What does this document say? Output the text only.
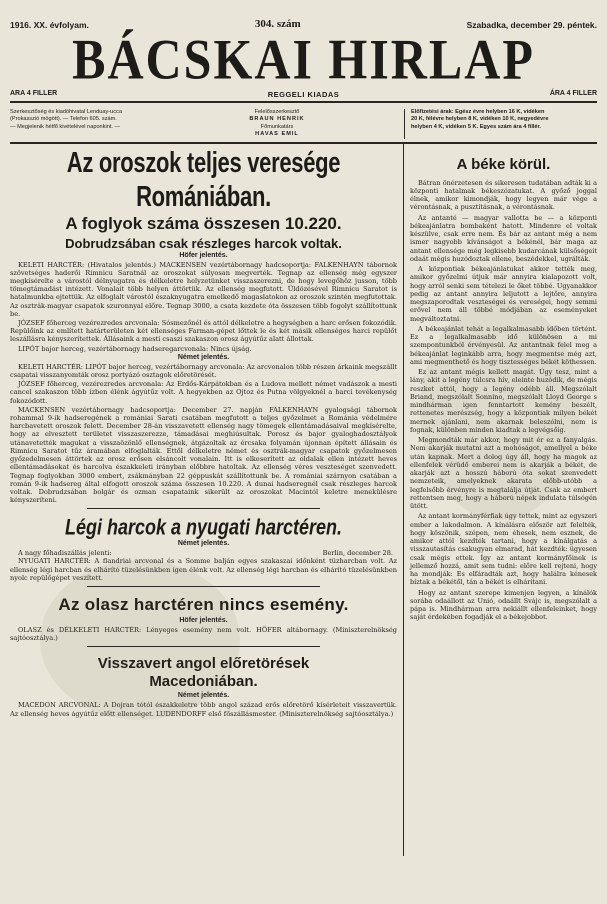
1916. XX. évfolyam.	304. szám	Szabadka, december 29. péntek.
BÁCSKAI HIRLAP
ARA 4 FILLER	REGGELI KIADAS	ÁRA 4 FILLER
Szerkesztőség és kiadóhivatal Lenduay-ucca
(Prokasszió mögött). — Telefon 605. szám.
— Megjelenik hétfő kivételével naponkint. —
Felelősszerkesztő
BRAUN HENRIK
Főmunkatárs
HAVAS EMIL
Előfizetési árak: Egész évre helyben 16 K, vidéken
20 K, félévre helyben 8 K, vidéken 10 K, negyedévre
helyben 4 K, vidéken 5 K. Egyes szám ára 4 fillér.
Az oroszok teljes veresége Romániában.
A foglyok száma összesen 10.220.
Dobrudzsában csak részleges harcok voltak.
Höfer jelentés.

KELETI HARCTÉR: (Hivatalos jelentés.) MACKENSEN vezértábornagy hadcsoportja: FALKENHAYN tábornok szövetséges haderői Rimnicu Saratnál az oroszokat súlyosan megverték. Tegnap az ellenség még egyszer megkísérelte a várostól délnyugatra és délkeletre helyzetünket visszaszerezni, de hogy levegőhöz jusson, több tömegtámadást intézett. Vonalait több helyen áttörtük. Az ellenség megfutott. Üldözésével Rimnicu Saratot is hatalmunkba ejtettük. Az elfoglalt várostól északnyugatra emelkedő magaslatokon az oroszok szintén megfutottak. Az osztrák-magyar csapatok szuronnyal előre. Tegnap 3000, a csata kezdete óta összesen több fogolyt szállítottunk be.

JÓZSEF főherceg vezérezredes arcvonala: Sósmezőnél és attól délkeletre a hegységben a harc erősen fokozódik. Repülőink az említett határterületen két ellenséges Farman-gépet lőttek le és két másik ellenséges harci repülőt leszállásra kényszerítettek. Állásaink a mesti csaszi szakaszon orosz ágyútűz alatt állottak.

LIPÓT bajor herceg, vezértábornagy hadseregarcvonala: Nincs újság.

Német jelentés.

KELETI HARCTÉR: LIPÓT bajor herceg, vezértábornagy arcvonala: Az arcvonalon több részen árkaink megszállt csapatai visszanyomták orosz portyázó osztagok előretörését.

JÓZSEF főherceg, vezérezredes arcvonala: Az Erdős-Kárpátokban és a Ludova mellett német vadászok a mesti cancel szakaszon több ízben élénk ágyútűz volt. A hegyekben az Ojtoz és Putna völgyeknél a harci tevékenység fokozódott.

MACKENSEN vezértábornagy hadcsoportja: December 27. napján FALKENHAYN gyalogsági tábornok rohammal 9-ik hadseregének a romániai Sarati csatában megfutott a teljes győzelmet a Románia védelmére harcbavetett oroszok felett. December 28-án visszavetett ellenség nagy tömegek ellentámadásaival megkísérelte, hogy az elvesztett területet visszaszerezze, támadásai meghiúsultak. Porosz és bajor gyaloghadosztályok utánavetették magukat a visszaözönlő ellenségnek, átgázoltak az ércsaka folyamán újonnan épített állásain és Rimnicu Saratot tűz áramában elfoglalták. Ettől délkeletre német és osztrák-magyar csapatok győzelmesen győzedelmesen áttörtek az orosz erősen elsáncolt vonalain. Itt is elkeserített az oldalak ellen intézett heves ellentámadásokat és harcolva északkeleti irányban előbbre hatoltak. Az ellenség véres veszteséget szenvedett. Tegnap foglyokban 3000 embert, zsákmányban 22 géppuskát szállítottunk be. A romániai szárnyon csatában a román 9-ik hadsereg által elfogott oroszok száma összesen 10.220. A dunai hadseregnél csak részleges harcok voltak. Dobrudzsában bolgár és ozman csapataink sikerült az oroszokat Macintól keletre menekülésre kényszeríteni.

Légi harcok a nyugati harctéren.
Német jelentés.
A nagy főhadiszállás jelenti:	Berlin, december 28.

NYUGATI HARCTÉR: A flandriai arcvonal és a Somme balján egyes szakaszai időnként tüzharcban volt. Az ellenség légi harcban és elhárító tüzelésünkben igen élénk volt. Az ellenség légi harcban és elhárító tüzelésünkben nyolc repülőgépet veszített.

Az olasz harctéren nincs esemény.
Höfer jelentés.

OLASZ és DÉLKELETI HARCTÉR: Lényeges esemény nem volt. HÖFER altábornagy. (Miniszterelnökség sajtóosztálya.)

Visszavert angol előretörések
Macedoniában.
Német jelentés.

MACEDON ARCVONAL: A Dojran tótól északkeletre több angol század erős előretörő kísérleteit visszavertük. Az ellenség heves ágyútűz előtt ellenséget. LUDENDORFF első főszállásmester. (Miniszterelnökség sajtóosztálya.)

A béke körül.

Bátran önérzetesen és sikeresen tudatában adták ki a központi hatalmak békeszózatukat. A győző joggal élnek, amikor kimondják, hogy legyen már vége a vérontásnak, a pusztításnak, a vérontásnak.

Az antanté — magyar vallotta be — a központi békeajánlatra bombaként hatott. Mindenre el voltak készülve, csak erre nem. És bár az antant még a nem ismer nagyobb kívánságot a békénél, bár maga az antant ellensége még legkisebb kudarcának külsőségeit odaát mégis huzódoztak ellene, beszédekkel, ugrálták.

A központiak békeajánlatukat akkor tették meg, amikor győzelmi útjuk már annyira kialapozott volt, hogy arról senki sem tételezi le őket többé. Ugyanakkor pedig az antant annyira leljutott a lejtőre, annyira megszaporodtak veszteségei és vereségei, hogy semmi erővel nem áll többé módjában az eseményeket megváltoztatni.

A békeajánlat tehát a legalkalmasabb időben történt. Ez a legalkalmasabb idő különösen a mi szempontunkból érvényesül. Az antantnak felel meg a békeajánlat leginkább arra, hogy megmentse még azt, ami megmenthető és hogy tisztességes békét köthessen.

Ez az antant mégis kellett magát. Úgy tesz, mint a lány, akit a legény túlcsra hív, eleinte huzódik, de mégis reszket attól, hogy a legény odébb áll. Megszólalt Briand, megszólalt Sonnino, megszólalt Lloyd George s mindhárman igen fenntartott kemény beszélt, rettenetes merészség, hogy a központiak milyen békét mernek ajánlani, nem akarnak beleszólni, nem is fognak, különben minden kiadtak a legvégsőig.

Megmondták már akkor, hogy mit ér ez a fanyalgás. Nem akarják mutatni azt a mohóságot, amellyel a béke után kapnak. Mert a dolog úgy áll, hogy ha magok az ellenfelek vérüdő emberei nem is akarják a békét, de akarják azt a hosszú háború óta sokat szenvedett nemzeteik, amelyeknek akarata előbb-utóbb a legfelsőbb érvényre is megtalálja útját. Csak az embert rettentsen meg, hogy a háború népek indulata túlsógén ütött.

Az antant kormányférfiak úgy tettek, mint az egyszeri ember a lakodalmon. A kínálásra először azt felelték, hogy köszönik, szépen, nem éhesek, nem esznek, de amikor attól kezdték tartani, hogy a kínálgatás a visszautasítás csakugyan elmarad, hát kezdték: ügyesen csak mégis ettek. Így az antant kormányfőinek is jellemző hozzá, amit sem tudni: előre kell rejteni, hogy ha mondják: Es elfáradták azt, hogy halálra kénesek bíztak a békétől, tán a békét is elhárítani.

Hogy az antant szerepe kimenjen legyen, a kínálók sorába odaállott az Unió, odaállt Svájc is, megszólalt a pápa is. Mindhárman arra nekiállt ellenfeleinket, hogy saját érdekében fogadják el a békejobbot.
